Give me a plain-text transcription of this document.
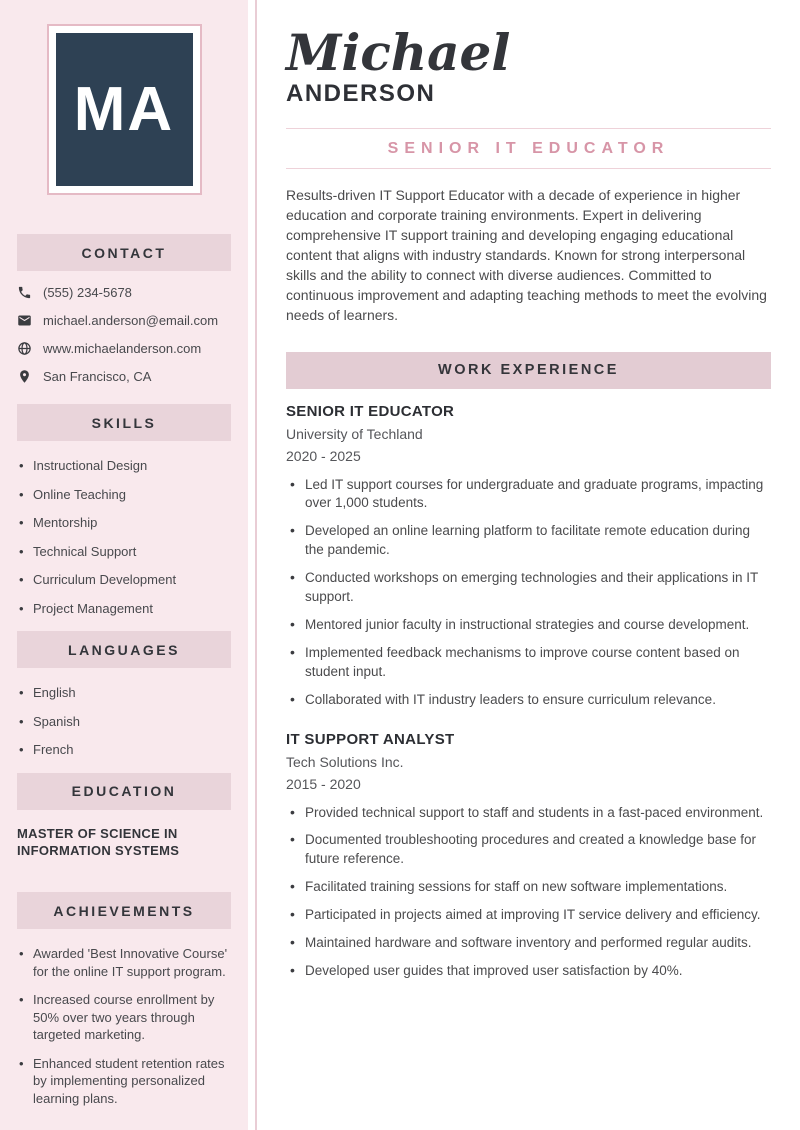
MA
CONTACT
(555) 234-5678
michael.anderson@email.com
www.michaelanderson.com
San Francisco, CA
SKILLS
• Instructional Design
• Online Teaching
• Mentorship
• Technical Support
• Curriculum Development
• Project Management
LANGUAGES
• English
• Spanish
• French
EDUCATION
MASTER OF SCIENCE IN INFORMATION SYSTEMS
ACHIEVEMENTS
• Awarded 'Best Innovative Course' for the online IT support program.
• Increased course enrollment by 50% over two years through targeted marketing.
• Enhanced student retention rates by implementing personalized learning plans.
Michael
ANDERSON
SENIOR IT EDUCATOR

Results-driven IT Support Educator with a decade of experience in higher education and corporate training environments. Expert in delivering comprehensive IT support training and developing engaging educational content that aligns with industry standards. Known for strong interpersonal skills and the ability to connect with diverse audiences. Committed to continuous improvement and adapting teaching methods to meet the evolving needs of learners.

WORK EXPERIENCE
SENIOR IT EDUCATOR
University of Techland
2020 - 2025
• Led IT support courses for undergraduate and graduate programs, impacting over 1,000 students.
• Developed an online learning platform to facilitate remote education during the pandemic.
• Conducted workshops on emerging technologies and their applications in IT support.
• Mentored junior faculty in instructional strategies and course development.
• Implemented feedback mechanisms to improve course content based on student input.
• Collaborated with IT industry leaders to ensure curriculum relevance.
IT SUPPORT ANALYST
Tech Solutions Inc.
2015 - 2020
• Provided technical support to staff and students in a fast-paced environment.
• Documented troubleshooting procedures and created a knowledge base for future reference.
• Facilitated training sessions for staff on new software implementations.
• Participated in projects aimed at improving IT service delivery and efficiency.
• Maintained hardware and software inventory and performed regular audits.
• Developed user guides that improved user satisfaction by 40%.
